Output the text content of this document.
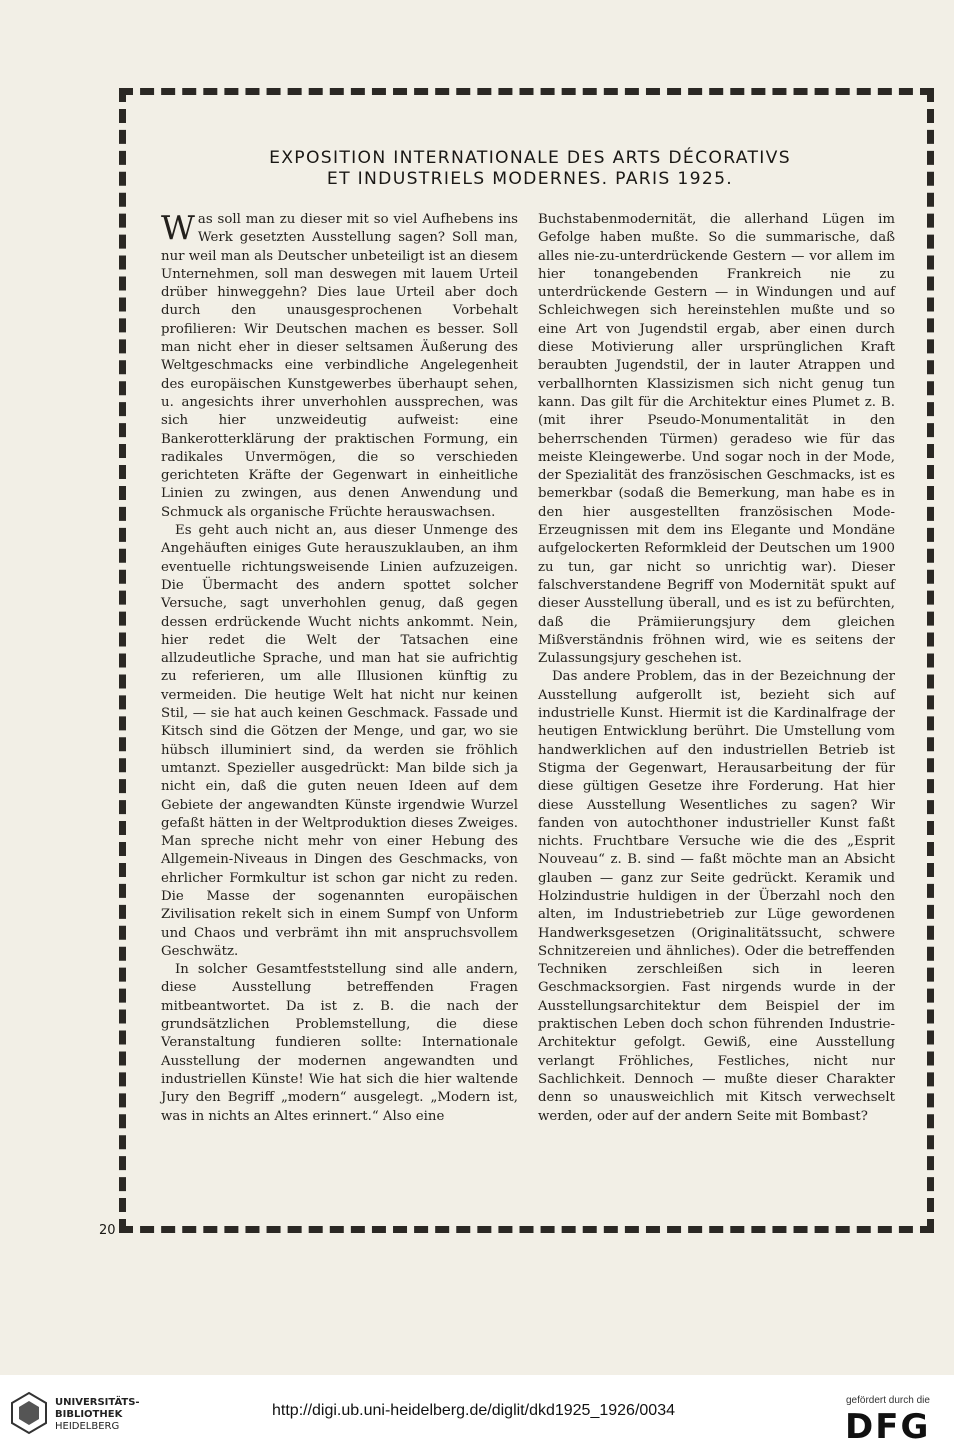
EXPOSITION INTERNATIONALE DES ARTS DÉCORATIVS
ET INDUSTRIELS MODERNES. PARIS 1925.

Was soll man zu dieser mit so viel Aufhebens ins Werk gesetzten Ausstellung sagen? Soll man, nur weil man als Deutscher unbeteiligt ist an diesem Unternehmen, soll man deswegen mit lauem Urteil drüber hinweggehn? Dies laue Urteil aber doch durch den unausgesprochenen Vorbehalt profilieren: Wir Deutschen machen es besser. Soll man nicht eher in dieser seltsamen Äußerung des Weltgeschmacks eine verbindliche Angelegenheit des europäischen Kunstgewerbes überhaupt sehen, u. angesichts ihrer unverhohlen aussprechen, was sich hier unzweideutig aufweist: eine Bankerotterklärung der praktischen Formung, ein radikales Unvermögen, die so verschieden gerichteten Kräfte der Gegenwart in einheitliche Linien zu zwingen, aus denen Anwendung und Schmuck als organische Früchte herauswachsen.

Es geht auch nicht an, aus dieser Unmenge des Angehäuften einiges Gute herauszuklauben, an ihm eventuelle richtungsweisende Linien aufzuzeigen. Die Übermacht des andern spottet solcher Versuche, sagt unverhohlen genug, daß gegen dessen erdrückende Wucht nichts ankommt. Nein, hier redet die Welt der Tatsachen eine allzudeutliche Sprache, und man hat sie aufrichtig zu referieren, um alle Illusionen künftig zu vermeiden. Die heutige Welt hat nicht nur keinen Stil, — sie hat auch keinen Geschmack. Fassade und Kitsch sind die Götzen der Menge, und gar, wo sie hübsch illuminiert sind, da werden sie fröhlich umtanzt. Spezieller ausgedrückt: Man bilde sich ja nicht ein, daß die guten neuen Ideen auf dem Gebiete der angewandten Künste irgendwie Wurzel gefaßt hätten in der Weltproduktion dieses Zweiges. Man spreche nicht mehr von einer Hebung des Allgemein-Niveaus in Dingen des Geschmacks, von ehrlicher Formkultur ist schon gar nicht zu reden. Die Masse der sogenannten europäischen Zivilisation rekelt sich in einem Sumpf von Unform und Chaos und verbrämt ihn mit anspruchsvollem Geschwätz.

In solcher Gesamtfeststellung sind alle andern, diese Ausstellung betreffenden Fragen mitbeantwortet. Da ist z. B. die nach der grundsätzlichen Problemstellung, die diese Veranstaltung fundieren sollte: Internationale Ausstellung der modernen angewandten und industriellen Künste! Wie hat sich die hier waltende Jury den Begriff „modern“ ausgelegt. „Modern ist, was in nichts an Altes erinnert.“ Also eine

Buchstabenmodernität, die allerhand Lügen im Gefolge haben mußte. So die summarische, daß alles nie-zu-unterdrückende Gestern — vor allem im hier tonangebenden Frankreich nie zu unterdrückende Gestern — in Windungen und auf Schleichwegen sich hereinstehlen mußte und so eine Art von Jugendstil ergab, aber einen durch diese Motivierung aller ursprünglichen Kraft beraubten Jugendstil, der in lauter Atrappen und verballhornten Klassizismen sich nicht genug tun kann. Das gilt für die Architektur eines Plumet z. B. (mit ihrer Pseudo-Monumentalität in den beherrschenden Türmen) geradeso wie für das meiste Kleingewerbe. Und sogar noch in der Mode, der Spezialität des französischen Geschmacks, ist es bemerkbar (sodaß die Bemerkung, man habe es in den hier ausgestellten französischen Mode-Erzeugnissen mit dem ins Elegante und Mondäne aufgelockerten Reformkleid der Deutschen um 1900 zu tun, gar nicht so unrichtig war). Dieser falschverstandene Begriff von Modernität spukt auf dieser Ausstellung überall, und es ist zu befürchten, daß die Prämiierungsjury dem gleichen Mißverständnis fröhnen wird, wie es seitens der Zulassungsjury geschehen ist.

Das andere Problem, das in der Bezeichnung der Ausstellung aufgerollt ist, bezieht sich auf industrielle Kunst. Hiermit ist die Kardinalfrage der heutigen Entwicklung berührt. Die Umstellung vom handwerklichen auf den industriellen Betrieb ist Stigma der Gegenwart, Herausarbeitung der für diese gültigen Gesetze ihre Forderung. Hat hier diese Ausstellung Wesentliches zu sagen? Wir fanden von autochthoner industrieller Kunst faßt nichts. Fruchtbare Versuche wie die des „Esprit Nouveau“ z. B. sind — faßt möchte man an Absicht glauben — ganz zur Seite gedrückt. Keramik und Holzindustrie huldigen in der Überzahl noch den alten, im Industriebetrieb zur Lüge gewordenen Handwerksgesetzen (Originalitätssucht, schwere Schnitzereien und ähnliches). Oder die betreffenden Techniken zerschleißen sich in leeren Geschmacksorgien. Fast nirgends wurde in der Ausstellungsarchitektur dem Beispiel der im praktischen Leben doch schon führenden Industrie-Architektur gefolgt. Gewiß, eine Ausstellung verlangt Fröhliches, Festliches, nicht nur Sachlichkeit. Dennoch — mußte dieser Charakter denn so unausweichlich mit Kitsch verwechselt werden, oder auf der andern Seite mit Bombast?

20
UNIVERSITÄTS-
BIBLIOTHEK
HEIDELBERG
http://digi.ub.uni-heidelberg.de/diglit/dkd1925_1926/0034
gefördert durch die
DFG
